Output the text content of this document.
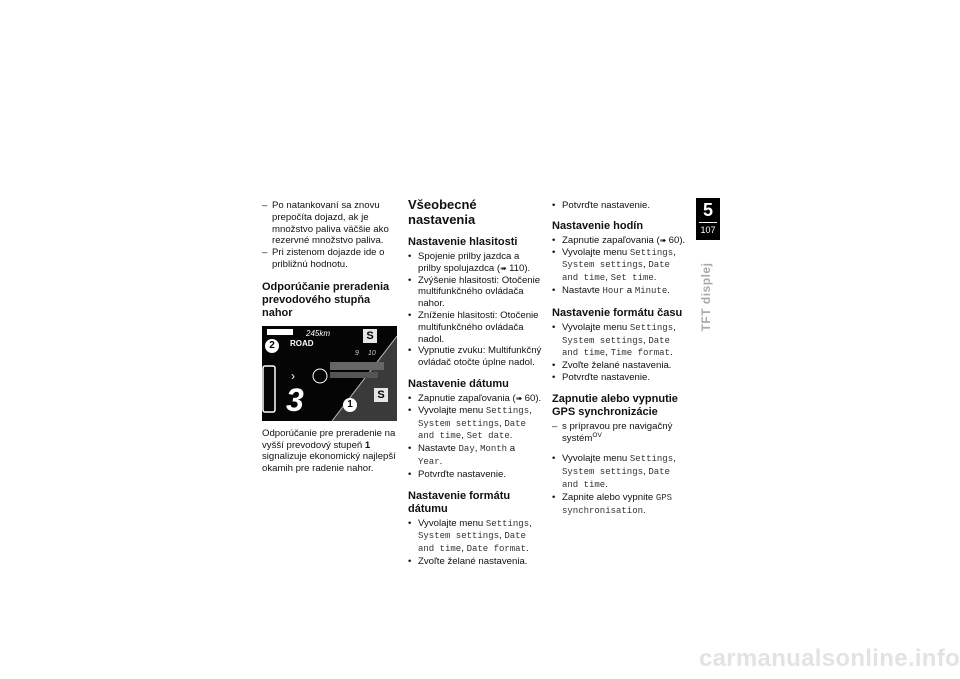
– Po natankovaní sa znovu prepočíta dojazd, ak je množstvo paliva väčšie ako rezervné množstvo paliva.
– Pri zistenom dojazde ide o približnú hodnotu.
Odporúčanie preradenia prevodového stupňa nahor
245km
ROAD
9 10
›
3
S
S
2
1

Odporúčanie pre preradenie na vyšší prevodový stupeň 1 signalizuje ekonomický najlepší okamih pre radenie nahor.

Všeobecné nastavenia
Nastavenie hlasitosti
• Spojenie prilby jazdca a prilby spolujazdca (➠ 110).
• Zvýšenie hlasitosti: Otočenie multifunkčného ovládača nahor.
• Zníženie hlasitosti: Otočenie multifunkčného ovládača nadol.
• Vypnutie zvuku: Multifunkčný ovládač otočte úplne nadol.
Nastavenie dátumu
• Zapnutie zapaľovania (➠ 60).
• Vyvolajte menu Settings, System settings, Date and time, Set date.
• Nastavte Day, Month a Year.
• Potvrďte nastavenie.
Nastavenie formátu dátumu
• Vyvolajte menu Settings, System settings, Date and time, Date format.
• Zvoľte želané nastavenia.
• Potvrďte nastavenie.
Nastavenie hodín
• Zapnutie zapaľovania (➠ 60).
• Vyvolajte menu Settings, System settings, Date and time, Set time.
• Nastavte Hour a Minute.
Nastavenie formátu času
• Vyvolajte menu Settings, System settings, Date and time, Time format.
• Zvoľte želané nastavenia.
• Potvrďte nastavenie.
Zapnutie alebo vypnutie GPS synchronizácie
– s prípravou pre navigačný systém$^{OV}$
• Vyvolajte menu Settings, System settings, Date and time.
• Zapnite alebo vypnite GPS synchronisation.
5
107
TFT displej
carmanualsonline.info
